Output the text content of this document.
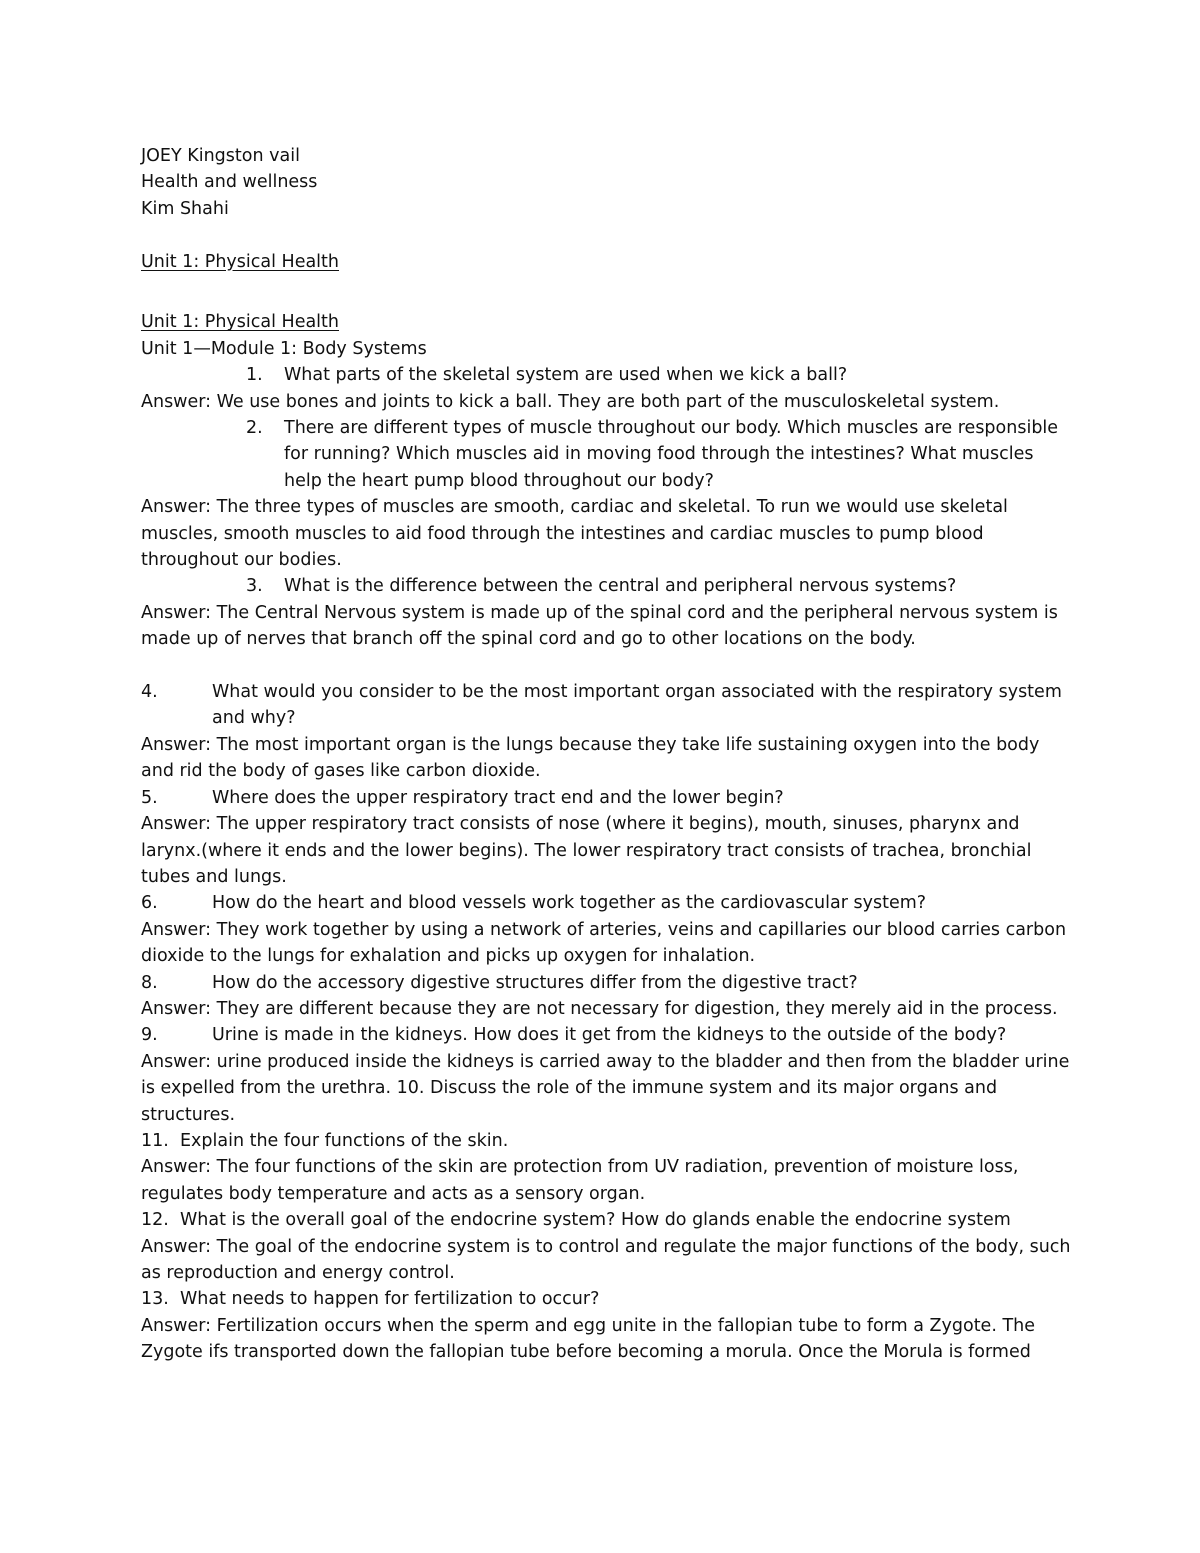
JOEY Kingston vail

Health and wellness

Kim Shahi

Unit 1: Physical Health

Unit 1: Physical Health

Unit 1—Module 1: Body Systems

1.	What parts of the skeletal system are used when we kick a ball?

Answer: We use bones and joints to kick a ball. They are both part of the musculoskeletal system.

2.	There are different types of muscle throughout our body. Which muscles are responsible for running? Which muscles aid in moving food through the intestines? What muscles help the heart pump blood throughout our body?

Answer: The three types of muscles are smooth, cardiac and skeletal. To run we would use skeletal muscles, smooth muscles to aid food through the intestines and cardiac muscles to pump blood throughout our bodies.

3.	What is the difference between the central and peripheral nervous systems?

Answer: The Central Nervous system is made up of the spinal cord and the peripheral nervous system is made up of nerves that branch off the spinal cord and go to other locations on the body.

4.	What would you consider to be the most important organ associated with the respiratory system and why?

Answer: The most important organ is the lungs because they take life sustaining oxygen into the body and rid the body of gases like carbon dioxide.

5.	Where does the upper respiratory tract end and the lower begin?

Answer: The upper respiratory tract consists of nose (where it begins), mouth, sinuses, pharynx and larynx.(where it ends and the lower begins). The lower respiratory tract consists of trachea, bronchial tubes and lungs.

6.	How do the heart and blood vessels work together as the cardiovascular system?

Answer: They work together by using a network of arteries, veins and capillaries our blood carries carbon dioxide to the lungs for exhalation and picks up oxygen for inhalation.

8.	How do the accessory digestive structures differ from the digestive tract?

Answer: They are different because they are not necessary for digestion, they merely aid in the process.

9.	Urine is made in the kidneys. How does it get from the kidneys to the outside of the body?

Answer: urine produced inside the kidneys is carried away to the bladder and then from the bladder urine is expelled from the urethra. 10. Discuss the role of the immune system and its major organs and structures.

11. Explain the four functions of the skin.

Answer: The four functions of the skin are protection from UV radiation, prevention of moisture loss, regulates body temperature and acts as a sensory organ.

12. What is the overall goal of the endocrine system? How do glands enable the endocrine system

Answer: The goal of the endocrine system is to control and regulate the major functions of the body, such as reproduction and energy control.

13. What needs to happen for fertilization to occur?

Answer: Fertilization occurs when the sperm and egg unite in the fallopian tube to form a Zygote. The Zygote ifs transported down the fallopian tube before becoming a morula. Once the Morula is formed
